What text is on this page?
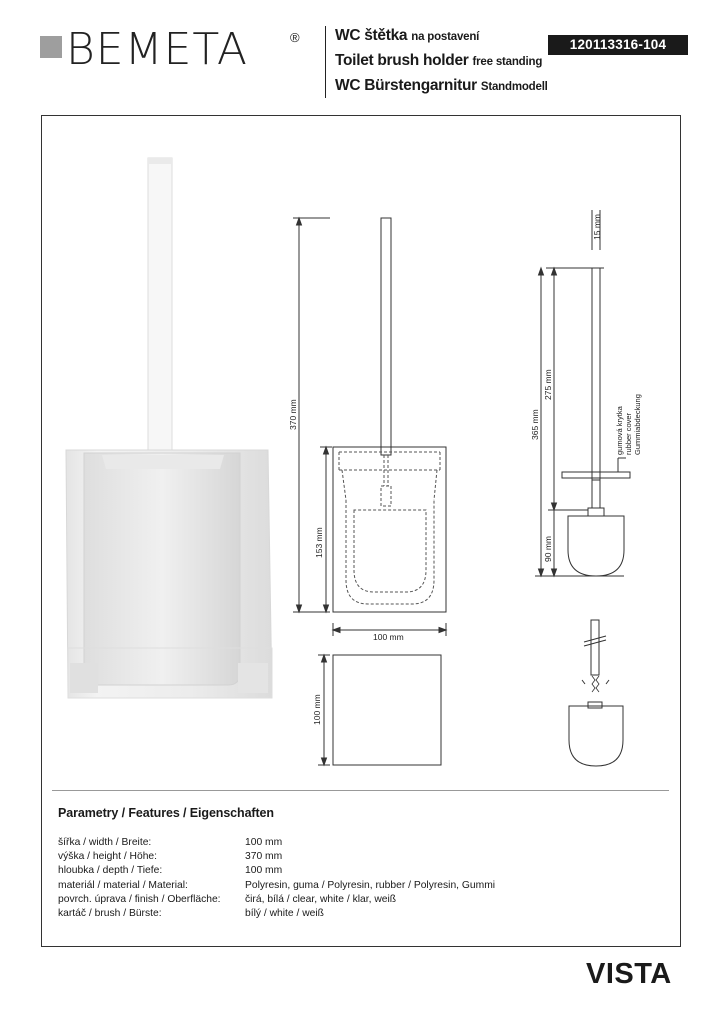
BEMETA	® WC štětka na postavení
Toilet brush holder free standing
WC Bürstengarnitur Standmodell
120113316-104
370 mm
153 mm
100 mm
100 mm
15 mm
365 mm
275 mm
90 mm
gumová krytka rubber cover Gummiabdeckung
Parametry / Features / Eigenschaften
šířka / width / Breite:	100 mm
výška / height / Höhe:	370 mm
hloubka / depth / Tiefe:	100 mm
materiál / material / Material:	Polyresin, guma / Polyresin, rubber / Polyresin, Gummi
povrch. úprava / finish / Oberfläche: čirá, bílá / clear, white / klar, weiß
kartáč / brush / Bürste:	bílý / white / weiß
VISTA
